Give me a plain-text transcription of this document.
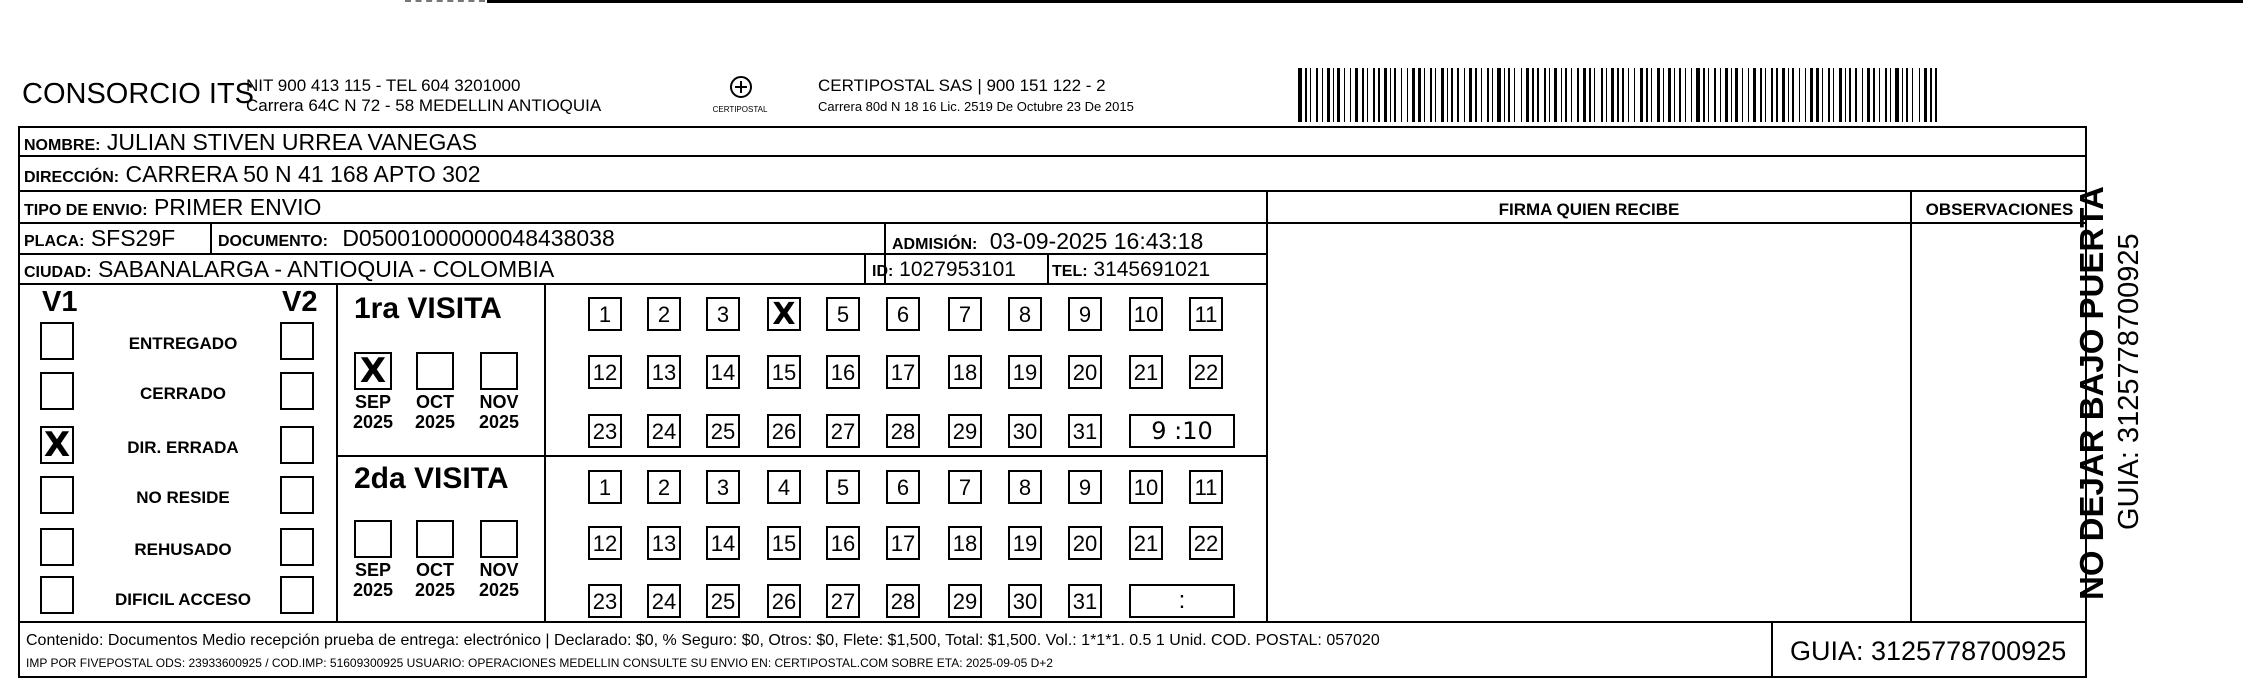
CONSORCIO ITS
NIT 900 413 115 - TEL 604 3201000
Carrera 64C N 72 - 58 MEDELLIN ANTIOQUIA	CERTIPOSTAL
CERTIPOSTAL SAS | 900 151 122 - 2
Carrera 80d N 18 16 Lic. 2519 De Octubre 23 De 2015
NOMBRE: JULIAN STIVEN URREA VANEGAS
DIRECCIÓN: CARRERA 50 N 41 168 APTO 302
TIPO DE ENVIO: PRIMER ENVIO	FIRMA QUIEN RECIBE	OBSERVACIONES
PLACA: SFS29F	DOCUMENTO: D05001000000048438038	ADMISIÓN: 03-09-2025 16:43:18
CIUDAD: SABANALARGA - ANTIOQUIA - COLOMBIA	ID: 1027953101 TEL: 3145691021
V1	V2
ENTREGADO
CERRADO
X	DIR. ERRADA
NO RESIDE
REHUSADO
DIFICIL ACCESO
1ra VISITA
2da VISITA
X
SEP
2025
OCT
2025
NOV
2025
SEP
2025
OCT
2025
NOV
2025
1	2	3	X	5	6	7	8	9	10 11
12 13 14 15 16 17 18 19 20 21 22
23 24 25 26 27 28 29 30 31	9 :10
1	2	3	4	5	6	7	8	9	10 11
12 13 14 15 16 17 18 19 20 21 22
23 24 25 26 27 28 29 30 31	:
Contenido: Documentos Medio recepción prueba de entrega: electrónico | Declarado: $0, % Seguro: $0, Otros: $0, Flete: $1,500, Total: $1,500. Vol.: 1*1*1. 0.5 1 Unid. COD. POSTAL: 057020
IMP POR FIVEPOSTAL ODS: 23933600925 / COD.IMP: 51609300925 USUARIO: OPERACIONES MEDELLIN CONSULTE SU ENVIO EN: CERTIPOSTAL.COM SOBRE ETA: 2025-09-05 D+2	GUIA: 3125778700925
NO DEJAR BAJO PUERTA GUIA: 3125778700925
